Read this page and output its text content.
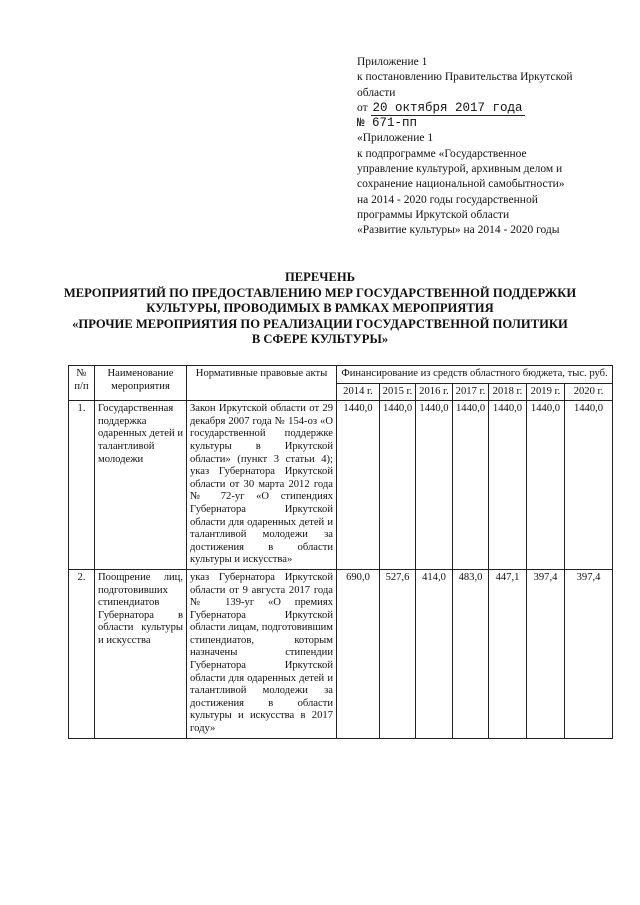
Приложение 1
к постановлению Правительства Иркутской
области
от 20 октября 2017 года
№ 671-пп
«Приложение 1
к подпрограмме «Государственное
управление культурой, архивным делом и
сохранение национальной самобытности»
на 2014 - 2020 годы государственной
программы Иркутской области
«Развитие культуры» на 2014 - 2020 годы
ПЕРЕЧЕНЬ
МЕРОПРИЯТИЙ ПО ПРЕДОСТАВЛЕНИЮ МЕР ГОСУДАРСТВЕННОЙ ПОДДЕРЖКИ
КУЛЬТУРЫ, ПРОВОДИМЫХ В РАМКАХ МЕРОПРИЯТИЯ
«ПРОЧИЕ МЕРОПРИЯТИЯ ПО РЕАЛИЗАЦИИ ГОСУДАРСТВЕННОЙ ПОЛИТИКИ
В СФЕРЕ КУЛЬТУРЫ»
№ п/п	Наименование мероприятия	Нормативные правовые акты	Финансирование из средств областного бюджета, тыс. руб.						
			2014 г.	2015 г.	2016 г.	2017 г.	2018 г.	2019 г.	2020 г.
1.	Государственная поддержка одаренных детей и талантливой молодежи	Закон Иркутской области от 29 декабря 2007 года № 154-оз «О государственной поддержке культуры в Иркутской области» (пункт 3 статьи 4); указ Губернатора Иркутской области от 30 марта 2012 года № 72-уг «О стипендиях Губернатора Иркутской области для одаренных детей и талантливой молодежи за достижения в области культуры и искусства»	1440,0	1440,0	1440,0	1440,0	1440,0	1440,0	1440,0
2.	Поощрение лиц, подготовивших стипендиатов Губернатора в области культуры и искусства	указ Губернатора Иркутской области от 9 августа 2017 года № 139-уг «О премиях Губернатора Иркутской области лицам, подготовившим стипендиатов, которым назначены стипендии Губернатора Иркутской области для одаренных детей и талантливой молодежи за достижения в области культуры и искусства в 2017 году»	690,0	527,6	414,0	483,0	447,1	397,4	397,4
